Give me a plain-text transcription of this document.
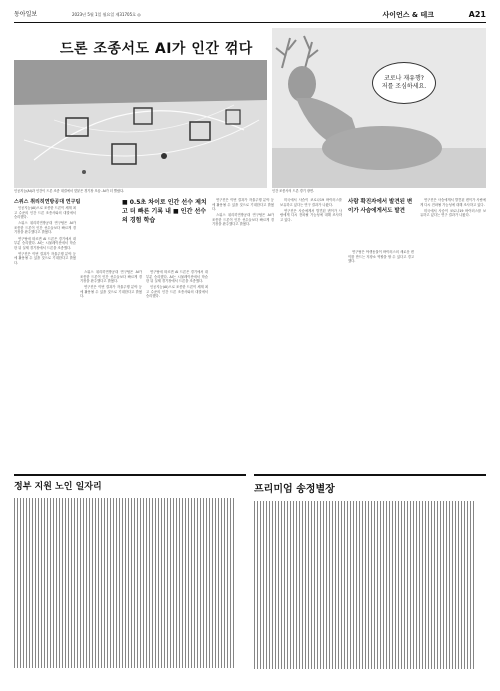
동아일보	2023년 5월 1일 월요일 제31705호 ◎	사이언스 & 테크	A21
드론 조종서도 AI가 인간 꺾다
코로나 재유행?
저를 조심하세요.
인공지능(AI)과 인간이 드론 조종 대결에서 맞붙은 경기장 모습. AI가 더 빨랐다.	인간 조종사의 드론 경기 장면.
스위스 취리히연방공대 연구팀

인공지능(AI)으로 조종한 드론이 세계 최고 수준의 인간 드론 조종사와의 대결에서 승리했다.

스위스 취리히연방공대 연구팀은 AI가 조종한 드론이 인간 선수들보다 빠르게 경기장을 완주했다고 밝혔다.

연구팀에 따르면 AI 드론은 경기에서 대부분 승리했다. AI는 시뮬레이션에서 학습한 뒤 실제 경기장에서 드론을 조종했다.

연구진은 이번 결과가 자율주행 분야 등에 활용될 수 있을 것으로 기대한다고 밝혔다.

■ 0.5초 차이로 인간 선수 제치고 더 빠른 기록 내 ■ 인간 선수의 경험 학습

스위스 취리히연방공대 연구팀은 AI가 조종한 드론이 인간 선수들보다 빠르게 경기장을 완주했다고 밝혔다.

연구진은 이번 결과가 자율주행 분야 등에 활용될 수 있을 것으로 기대한다고 밝혔다.

연구팀에 따르면 AI 드론은 경기에서 대부분 승리했다. AI는 시뮬레이션에서 학습한 뒤 실제 경기장에서 드론을 조종했다.

인공지능(AI)으로 조종한 드론이 세계 최고 수준의 인간 드론 조종사와의 대결에서 승리했다.

연구진은 이번 결과가 자율주행 분야 등에 활용될 수 있을 것으로 기대한다고 밝혔다.

스위스 취리히연방공대 연구팀은 AI가 조종한 드론이 인간 선수들보다 빠르게 경기장을 완주했다고 밝혔다.

미국에서 사슴이 코로나19 바이러스를 보유하고 있다는 연구 결과가 나왔다.

연구진은 사슴에게서 발견된 변이가 사람에게 다시 전파될 가능성에 대해 조사하고 있다.

사람 확진자에서 발견된 변이가 사슴에게서도 발견

연구팀은 야생동물이 바이러스의 새로운 변이를 만드는 저장소 역할을 할 수 있다고 경고했다.

연구진은 사슴에게서 발견된 변이가 사람에게 다시 전파될 가능성에 대해 조사하고 있다.

미국에서 사슴이 코로나19 바이러스를 보유하고 있다는 연구 결과가 나왔다.

정부 지원 노인 일자리	프리미엄 송정별장
